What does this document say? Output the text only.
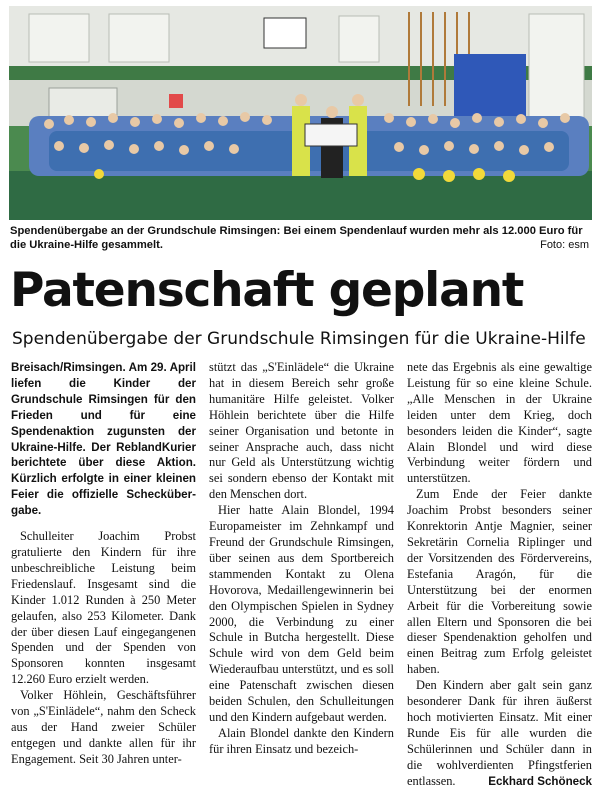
Spendenübergabe an der Grundschule Rimsingen: Bei einem Spendenlauf wurden mehr als 12.000 Euro für die Ukraine-Hilfe gesammelt.	Foto: esm
Patenschaft geplant
Spendenübergabe der Grundschule Rimsingen für die Ukraine-Hilfe

Breisach/Rimsingen. Am 29. April liefen die Kinder der Grundschule Rimsingen für den Frieden und für eine Spendenaktion zugunsten der Ukraine-Hilfe. Der ReblandKurier berichtete über diese Aktion. Kürzlich erfolgte in einer kleinen Feier die offizielle Scheckübergabe.

Schulleiter Joachim Probst gratulierte den Kindern für ihre unbeschreibliche Leistung beim Friedenslauf. Insgesamt sind die Kinder 1.012 Runden à 250 Meter gelaufen, also 253 Kilometer. Dank der über diesen Lauf eingegangenen Spenden und der Spenden von Sponsoren konnten insgesamt 12.260 Euro erzielt werden.

Volker Höhlein, Geschäftsführer von „S'Einlädele“, nahm den Scheck aus der Hand zweier Schüler entgegen und dankte allen für ihr Engagement. Seit 30 Jahren unter-

stützt das „S'Einlädele“ die Ukraine hat in diesem Bereich sehr große humanitäre Hilfe geleistet. Volker Höhlein berichtete über die Hilfe seiner Organisation und betonte in seiner Ansprache auch, dass nicht nur Geld als Unterstützung wichtig sei sondern ebenso der Kontakt mit den Menschen dort.

Hier hatte Alain Blondel, 1994 Europameister im Zehnkampf und Freund der Grundschule Rimsingen, über seinen aus dem Sportbereich stammenden Kontakt zu Olena Hovorova, Medaillengewinnerin bei den Olympischen Spielen in Sydney 2000, die Verbindung zu einer Schule in Butcha hergestellt. Diese Schule wird von dem Geld beim Wiederaufbau unterstützt, und es soll eine Patenschaft zwischen diesen beiden Schulen, den Schulleitungen und den Kindern aufgebaut werden.

Alain Blondel dankte den Kindern für ihren Einsatz und bezeich-

nete das Ergebnis als eine gewaltige Leistung für so eine kleine Schule. „Alle Menschen in der Ukraine leiden unter dem Krieg, doch besonders leiden die Kinder“, sagte Alain Blondel und wird diese Verbindung weiter fördern und unterstützen.

Zum Ende der Feier dankte Joachim Probst besonders seiner Konrektorin Antje Magnier, seiner Sekretärin Cornelia Riplinger und der Vorsitzenden des Fördervereins, Estefania Aragón, für die Unterstützung bei der enormen Arbeit für die Vorbereitung sowie allen Eltern und Sponsoren die bei dieser Spendenaktion geholfen und einen Beitrag zum Erfolg geleistet haben.

Den Kindern aber galt sein ganz besonderer Dank für ihren äußerst hoch motivierten Einsatz. Mit einer Runde Eis für alle wurden die Schülerinnen und Schüler dann in die wohlverdienten Pfingstferien entlassen.	Eckhard Schöneck
